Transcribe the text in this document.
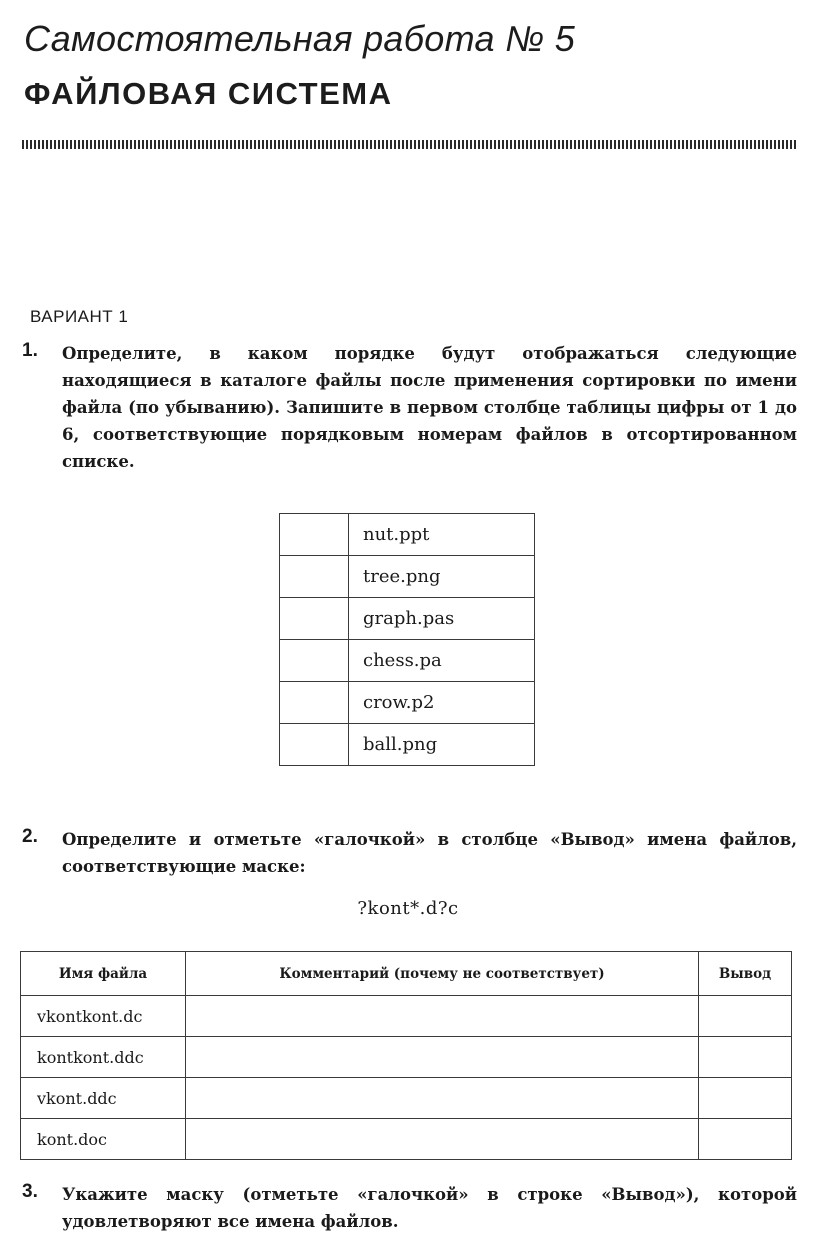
Самостоятельная работа № 5
ФАЙЛОВАЯ СИСТЕМА
ВАРИАНТ 1
1. Определите, в каком порядке будут отображаться следующие находящиеся в каталоге файлы после применения сортировки по имени файла (по убыванию). Запишите в первом столбце таблицы цифры от 1 до 6, соответствующие порядковым номерам файлов в отсортированном списке.
	nut.ppt
	tree.png
	graph.pas
	chess.pa
	crow.p2
	ball.png
2. Определите и отметьте «галочкой» в столбце «Вывод» имена файлов, соответствующие маске:
?kont*.d?c
Имя файла	Комментарий (почему не соответствует)	Вывод
vkontkont.dc		
kontkont.ddc		
vkont.ddc		
kont.doc		
3. Укажите маску (отметьте «галочкой» в строке «Вывод»), которой удовлетворяют все имена файлов.
